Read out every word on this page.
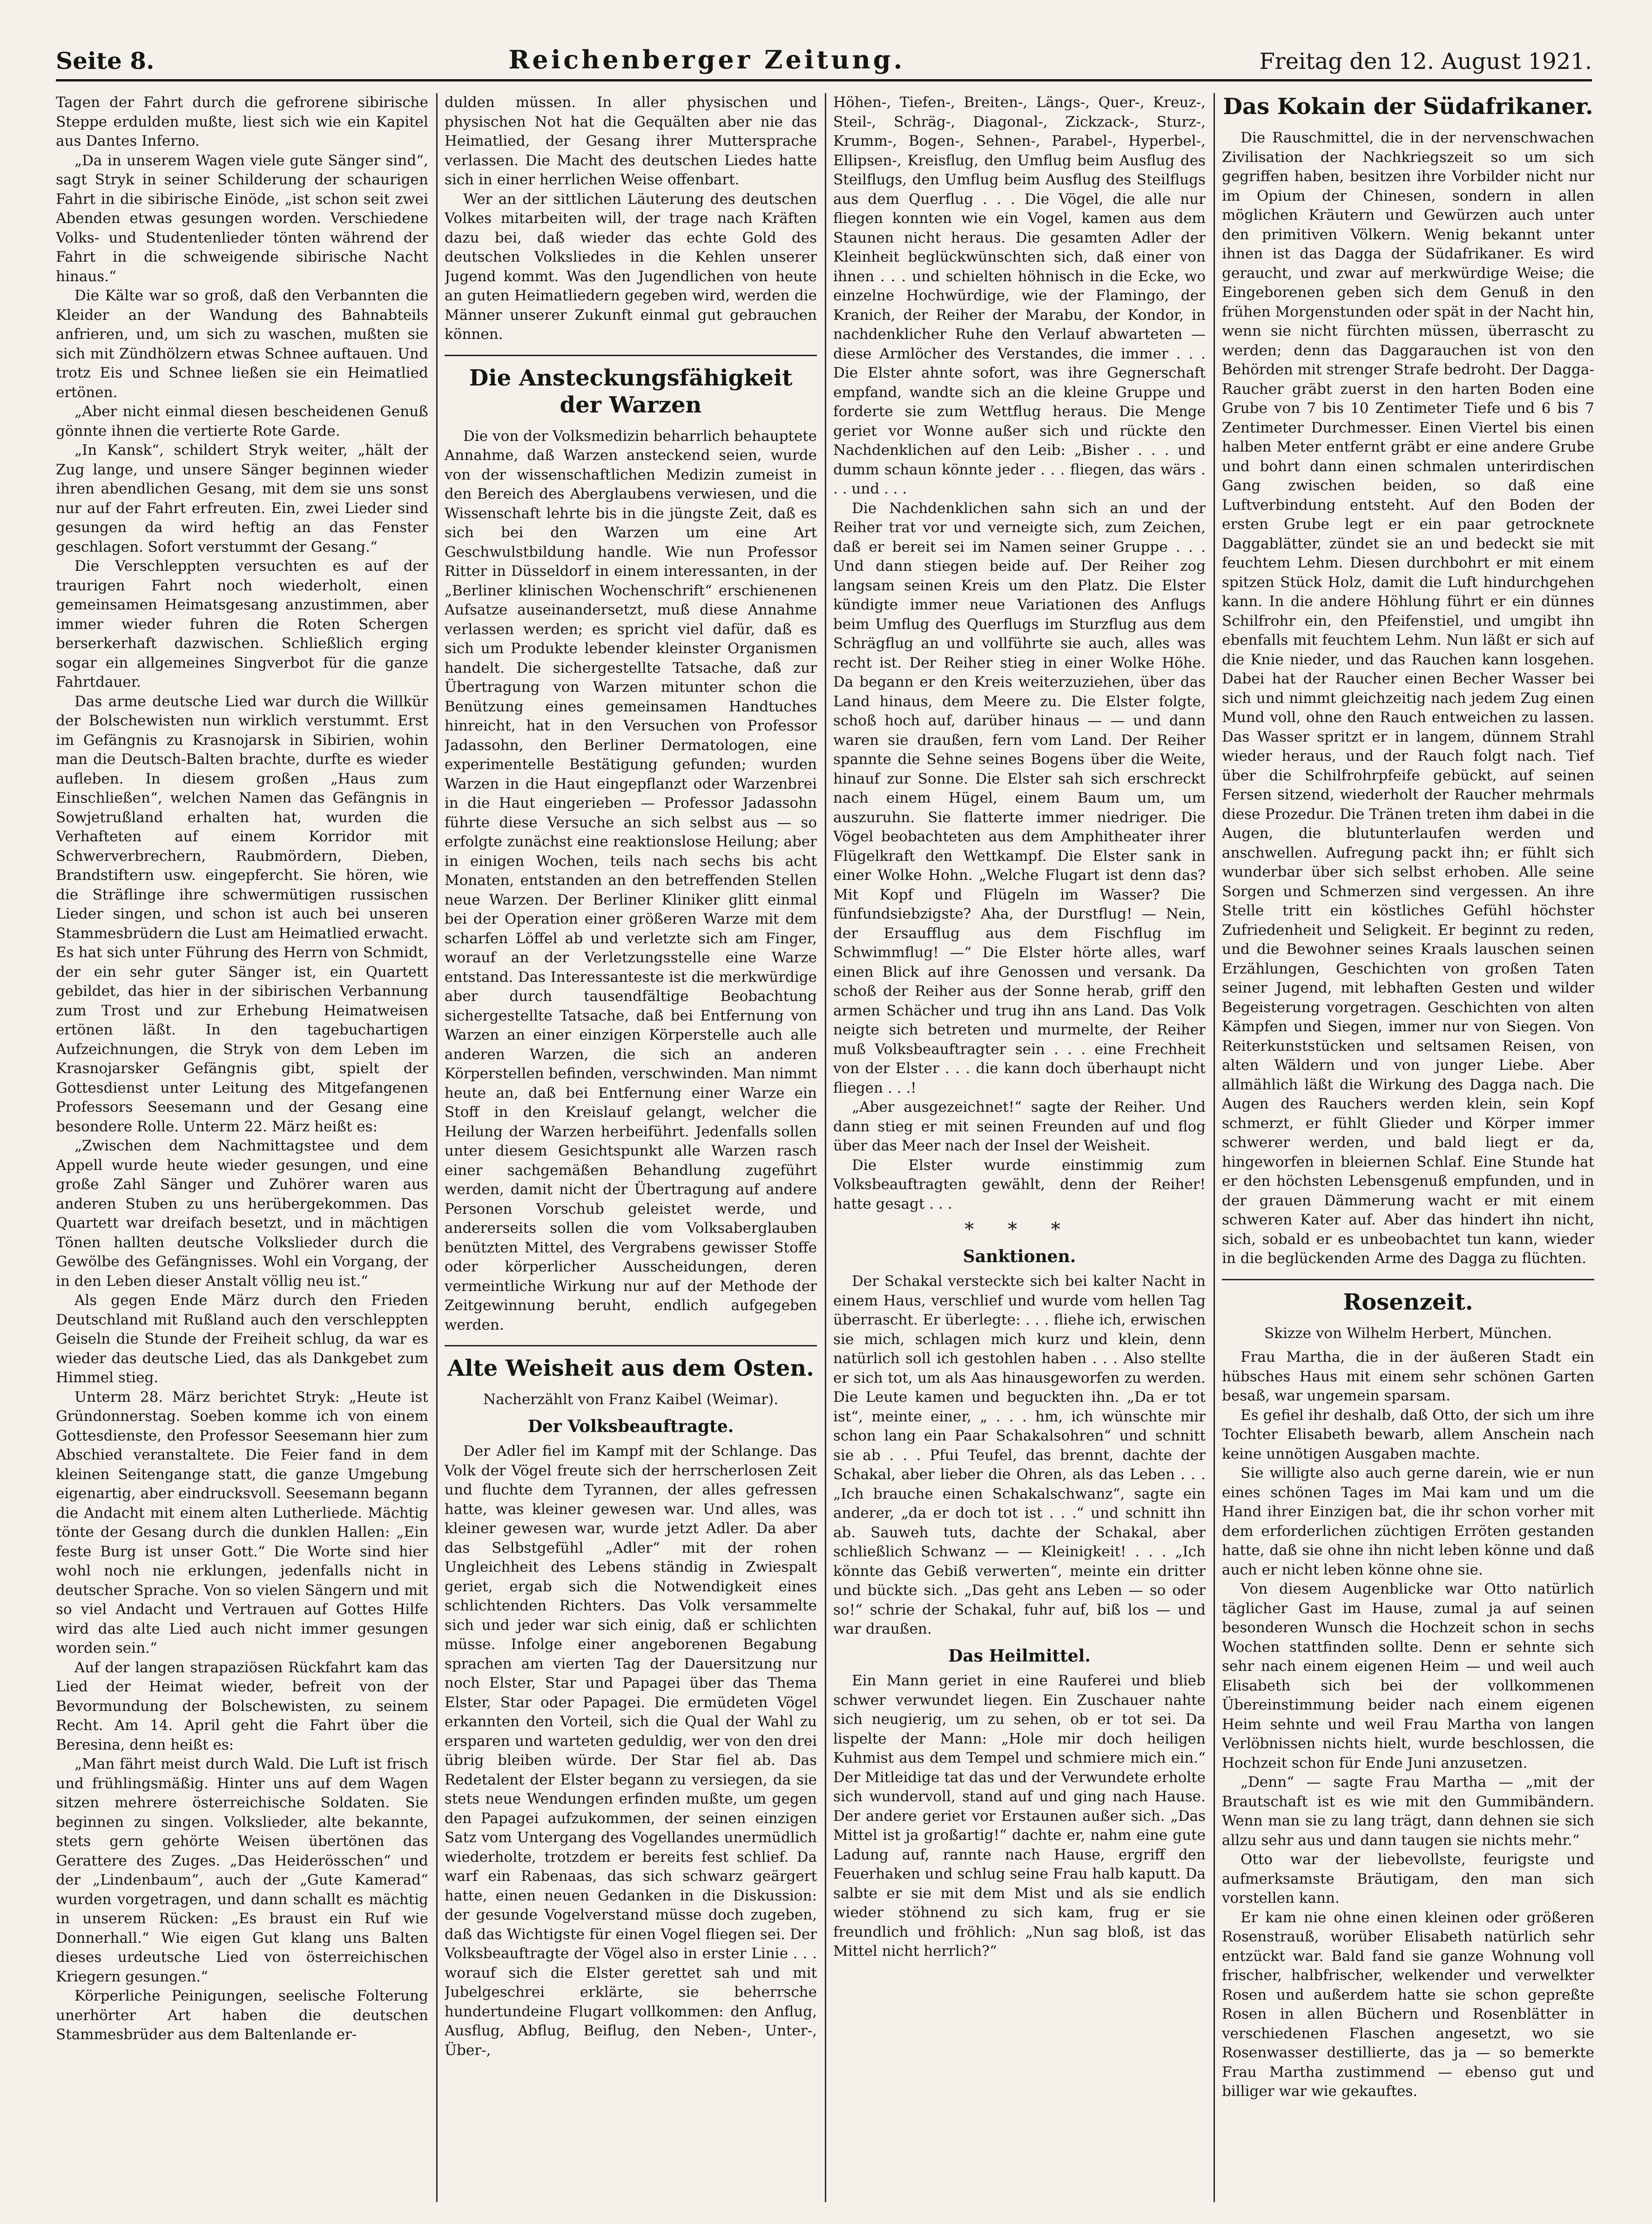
Seite 8.	Reichenberger Zeitung.	Freitag den 12. August 1921.

Tagen der Fahrt durch die gefrorene sibirische Steppe erdulden mußte, liest sich wie ein Kapitel aus Dantes Inferno.

„Da in unserem Wagen viele gute Sänger sind“, sagt Stryk in seiner Schilderung der schaurigen Fahrt in die sibirische Einöde, „ist schon seit zwei Abenden etwas gesungen worden. Verschiedene Volks- und Studentenlieder tönten während der Fahrt in die schweigende sibirische Nacht hinaus.“

Die Kälte war so groß, daß den Verbannten die Kleider an der Wandung des Bahnabteils anfrieren, und, um sich zu waschen, mußten sie sich mit Zündhölzern etwas Schnee auftauen. Und trotz Eis und Schnee ließen sie ein Heimatlied ertönen.

„Aber nicht einmal diesen bescheidenen Genuß gönnte ihnen die vertierte Rote Garde.

„In Kansk“, schildert Stryk weiter, „hält der Zug lange, und unsere Sänger beginnen wieder ihren abendlichen Gesang, mit dem sie uns sonst nur auf der Fahrt erfreuten. Ein, zwei Lieder sind gesungen da wird heftig an das Fenster geschlagen. Sofort verstummt der Gesang.“

Die Verschleppten versuchten es auf der traurigen Fahrt noch wiederholt, einen gemeinsamen Heimatsgesang anzustimmen, aber immer wieder fuhren die Roten Schergen berserkerhaft dazwischen. Schließlich erging sogar ein allgemeines Singverbot für die ganze Fahrtdauer.

Das arme deutsche Lied war durch die Willkür der Bolschewisten nun wirklich verstummt. Erst im Gefängnis zu Krasnojarsk in Sibirien, wohin man die Deutsch-Balten brachte, durfte es wieder aufleben. In diesem großen „Haus zum Einschließen“, welchen Namen das Gefängnis in Sowjetrußland erhalten hat, wurden die Verhafteten auf einem Korridor mit Schwerverbrechern, Raubmördern, Dieben, Brandstiftern usw. eingepfercht. Sie hören, wie die Sträflinge ihre schwermütigen russischen Lieder singen, und schon ist auch bei unseren Stammesbrüdern die Lust am Heimatlied erwacht. Es hat sich unter Führung des Herrn von Schmidt, der ein sehr guter Sänger ist, ein Quartett gebildet, das hier in der sibirischen Verbannung zum Trost und zur Erhebung Heimatweisen ertönen läßt. In den tagebuchartigen Aufzeichnungen, die Stryk von dem Leben im Krasnojarsker Gefängnis gibt, spielt der Gottesdienst unter Leitung des Mitgefangenen Professors Seesemann und der Gesang eine besondere Rolle. Unterm 22. März heißt es:

„Zwischen dem Nachmittagstee und dem Appell wurde heute wieder gesungen, und eine große Zahl Sänger und Zuhörer waren aus anderen Stuben zu uns herübergekommen. Das Quartett war dreifach besetzt, und in mächtigen Tönen hallten deutsche Volkslieder durch die Gewölbe des Gefängnisses. Wohl ein Vorgang, der in den Leben dieser Anstalt völlig neu ist.“

Als gegen Ende März durch den Frieden Deutschland mit Rußland auch den verschleppten Geiseln die Stunde der Freiheit schlug, da war es wieder das deutsche Lied, das als Dankgebet zum Himmel stieg.

Unterm 28. März berichtet Stryk: „Heute ist Gründonnerstag. Soeben komme ich von einem Gottesdienste, den Professor Seesemann hier zum Abschied veranstaltete. Die Feier fand in dem kleinen Seitengange statt, die ganze Umgebung eigenartig, aber eindrucksvoll. Seesemann begann die Andacht mit einem alten Lutherliede. Mächtig tönte der Gesang durch die dunklen Hallen: „Ein feste Burg ist unser Gott.“ Die Worte sind hier wohl noch nie erklungen, jedenfalls nicht in deutscher Sprache. Von so vielen Sängern und mit so viel Andacht und Vertrauen auf Gottes Hilfe wird das alte Lied auch nicht immer gesungen worden sein.“

Auf der langen strapaziösen Rückfahrt kam das Lied der Heimat wieder, befreit von der Bevormundung der Bolschewisten, zu seinem Recht. Am 14. April geht die Fahrt über die Beresina, denn heißt es:

„Man fährt meist durch Wald. Die Luft ist frisch und frühlingsmäßig. Hinter uns auf dem Wagen sitzen mehrere österreichische Soldaten. Sie beginnen zu singen. Volkslieder, alte bekannte, stets gern gehörte Weisen übertönen das Gerattere des Zuges. „Das Heiderösschen“ und der „Lindenbaum“, auch der „Gute Kamerad“ wurden vorgetragen, und dann schallt es mächtig in unserem Rücken: „Es braust ein Ruf wie Donnerhall.“ Wie eigen Gut klang uns Balten dieses urdeutsche Lied von österreichischen Kriegern gesungen.“

Körperliche Peinigungen, seelische Folterung unerhörter Art haben die deutschen Stammesbrüder aus dem Baltenlande er-

dulden müssen. In aller physischen und physischen Not hat die Gequälten aber nie das Heimatlied, der Gesang ihrer Muttersprache verlassen. Die Macht des deutschen Liedes hatte sich in einer herrlichen Weise offenbart.

Wer an der sittlichen Läuterung des deutschen Volkes mitarbeiten will, der trage nach Kräften dazu bei, daß wieder das echte Gold des deutschen Volksliedes in die Kehlen unserer Jugend kommt. Was den Jugendlichen von heute an guten Heimatliedern gegeben wird, werden die Männer unserer Zukunft einmal gut gebrauchen können.

Die Ansteckungsfähigkeit der Warzen

Die von der Volksmedizin beharrlich behauptete Annahme, daß Warzen ansteckend seien, wurde von der wissenschaftlichen Medizin zumeist in den Bereich des Aberglaubens verwiesen, und die Wissenschaft lehrte bis in die jüngste Zeit, daß es sich bei den Warzen um eine Art Geschwulstbildung handle. Wie nun Professor Ritter in Düsseldorf in einem interessanten, in der „Berliner klinischen Wochenschrift“ erschienenen Aufsatze auseinandersetzt, muß diese Annahme verlassen werden; es spricht viel dafür, daß es sich um Produkte lebender kleinster Organismen handelt. Die sichergestellte Tatsache, daß zur Übertragung von Warzen mitunter schon die Benützung eines gemeinsamen Handtuches hinreicht, hat in den Versuchen von Professor Jadassohn, den Berliner Dermatologen, eine experimentelle Bestätigung gefunden; wurden Warzen in die Haut eingepflanzt oder Warzenbrei in die Haut eingerieben — Professor Jadassohn führte diese Versuche an sich selbst aus — so erfolgte zunächst eine reaktionslose Heilung; aber in einigen Wochen, teils nach sechs bis acht Monaten, entstanden an den betreffenden Stellen neue Warzen. Der Berliner Kliniker glitt einmal bei der Operation einer größeren Warze mit dem scharfen Löffel ab und verletzte sich am Finger, worauf an der Verletzungsstelle eine Warze entstand. Das Interessanteste ist die merkwürdige aber durch tausendfältige Beobachtung sichergestellte Tatsache, daß bei Entfernung von Warzen an einer einzigen Körperstelle auch alle anderen Warzen, die sich an anderen Körperstellen befinden, verschwinden. Man nimmt heute an, daß bei Entfernung einer Warze ein Stoff in den Kreislauf gelangt, welcher die Heilung der Warzen herbeiführt. Jedenfalls sollen unter diesem Gesichtspunkt alle Warzen rasch einer sachgemäßen Behandlung zugeführt werden, damit nicht der Übertragung auf andere Personen Vorschub geleistet werde, und andererseits sollen die vom Volksaberglauben benützten Mittel, des Vergrabens gewisser Stoffe oder körperlicher Ausscheidungen, deren vermeintliche Wirkung nur auf der Methode der Zeitgewinnung beruht, endlich aufgegeben werden.

Alte Weisheit aus dem Osten.

Nacherzählt von Franz Kaibel (Weimar).

Der Volksbeauftragte.

Der Adler fiel im Kampf mit der Schlange. Das Volk der Vögel freute sich der herrscherlosen Zeit und fluchte dem Tyrannen, der alles gefressen hatte, was kleiner gewesen war. Und alles, was kleiner gewesen war, wurde jetzt Adler. Da aber das Selbstgefühl „Adler“ mit der rohen Ungleichheit des Lebens ständig in Zwiespalt geriet, ergab sich die Notwendigkeit eines schlichtenden Richters. Das Volk versammelte sich und jeder war sich einig, daß er schlichten müsse. Infolge einer angeborenen Begabung sprachen am vierten Tag der Dauersitzung nur noch Elster, Star und Papagei über das Thema Elster, Star oder Papagei. Die ermüdeten Vögel erkannten den Vorteil, sich die Qual der Wahl zu ersparen und warteten geduldig, wer von den drei übrig bleiben würde. Der Star fiel ab. Das Redetalent der Elster begann zu versiegen, da sie stets neue Wendungen erfinden mußte, um gegen den Papagei aufzukommen, der seinen einzigen Satz vom Untergang des Vogellandes unermüdlich wiederholte, trotzdem er bereits fest schlief. Da warf ein Rabenaas, das sich schwarz geärgert hatte, einen neuen Gedanken in die Diskussion: der gesunde Vogelverstand müsse doch zugeben, daß das Wichtigste für einen Vogel fliegen sei. Der Volksbeauftragte der Vögel also in erster Linie . . . worauf sich die Elster gerettet sah und mit Jubelgeschrei erklärte, sie beherrsche hundertundeine Flugart vollkommen: den Anflug, Ausflug, Abflug, Beiflug, den Neben-, Unter-, Über-,

Höhen-, Tiefen-, Breiten-, Längs-, Quer-, Kreuz-, Steil-, Schräg-, Diagonal-, Zickzack-, Sturz-, Krumm-, Bogen-, Sehnen-, Parabel-, Hyperbel-, Ellipsen-, Kreisflug, den Umflug beim Ausflug des Steilflugs, den Umflug beim Ausflug des Steilflugs aus dem Querflug . . . Die Vögel, die alle nur fliegen konnten wie ein Vogel, kamen aus dem Staunen nicht heraus. Die gesamten Adler der Kleinheit beglückwünschten sich, daß einer von ihnen . . . und schielten höhnisch in die Ecke, wo einzelne Hochwürdige, wie der Flamingo, der Kranich, der Reiher der Marabu, der Kondor, in nachdenklicher Ruhe den Verlauf abwarteten — diese Armlöcher des Verstandes, die immer . . . Die Elster ahnte sofort, was ihre Gegnerschaft empfand, wandte sich an die kleine Gruppe und forderte sie zum Wettflug heraus. Die Menge geriet vor Wonne außer sich und rückte den Nachdenklichen auf den Leib: „Bisher . . . und dumm schaun könnte jeder . . . fliegen, das wärs . . . und . . .

Die Nachdenklichen sahn sich an und der Reiher trat vor und verneigte sich, zum Zeichen, daß er bereit sei im Namen seiner Gruppe . . . Und dann stiegen beide auf. Der Reiher zog langsam seinen Kreis um den Platz. Die Elster kündigte immer neue Variationen des Anflugs beim Umflug des Querflugs im Sturzflug aus dem Schrägflug an und vollführte sie auch, alles was recht ist. Der Reiher stieg in einer Wolke Höhe. Da begann er den Kreis weiterzuziehen, über das Land hinaus, dem Meere zu. Die Elster folgte, schoß hoch auf, darüber hinaus — — und dann waren sie draußen, fern vom Land. Der Reiher spannte die Sehne seines Bogens über die Weite, hinauf zur Sonne. Die Elster sah sich erschreckt nach einem Hügel, einem Baum um, um auszuruhn. Sie flatterte immer niedriger. Die Vögel beobachteten aus dem Amphitheater ihrer Flügelkraft den Wettkampf. Die Elster sank in einer Wolke Hohn. „Welche Flugart ist denn das? Mit Kopf und Flügeln im Wasser? Die fünfundsiebzigste? Aha, der Durstflug! — Nein, der Ersaufflug aus dem Fischflug im Schwimmflug! —“ Die Elster hörte alles, warf einen Blick auf ihre Genossen und versank. Da schoß der Reiher aus der Sonne herab, griff den armen Schächer und trug ihn ans Land. Das Volk neigte sich betreten und murmelte, der Reiher muß Volksbeauftragter sein . . . eine Frechheit von der Elster . . . die kann doch überhaupt nicht fliegen . . .!

„Aber ausgezeichnet!“ sagte der Reiher. Und dann stieg er mit seinen Freunden auf und flog über das Meer nach der Insel der Weisheit.

Die Elster wurde einstimmig zum Volksbeauftragten gewählt, denn der Reiher! hatte gesagt . . .

* * *
Sanktionen.

Der Schakal versteckte sich bei kalter Nacht in einem Haus, verschlief und wurde vom hellen Tag überrascht. Er überlegte: . . . fliehe ich, erwischen sie mich, schlagen mich kurz und klein, denn natürlich soll ich gestohlen haben . . . Also stellte er sich tot, um als Aas hinausgeworfen zu werden. Die Leute kamen und beguckten ihn. „Da er tot ist“, meinte einer, „ . . . hm, ich wünschte mir schon lang ein Paar Schakalsohren“ und schnitt sie ab . . . Pfui Teufel, das brennt, dachte der Schakal, aber lieber die Ohren, als das Leben . . . „Ich brauche einen Schakalschwanz“, sagte ein anderer, „da er doch tot ist . . .“ und schnitt ihn ab. Sauweh tuts, dachte der Schakal, aber schließlich Schwanz — — Kleinigkeit! . . . „Ich könnte das Gebiß verwerten“, meinte ein dritter und bückte sich. „Das geht ans Leben — so oder so!“ schrie der Schakal, fuhr auf, biß los — und war draußen.

Das Heilmittel.

Ein Mann geriet in eine Rauferei und blieb schwer verwundet liegen. Ein Zuschauer nahte sich neugierig, um zu sehen, ob er tot sei. Da lispelte der Mann: „Hole mir doch heiligen Kuhmist aus dem Tempel und schmiere mich ein.“ Der Mitleidige tat das und der Verwundete erholte sich wundervoll, stand auf und ging nach Hause. Der andere geriet vor Erstaunen außer sich. „Das Mittel ist ja großartig!“ dachte er, nahm eine gute Ladung auf, rannte nach Hause, ergriff den Feuerhaken und schlug seine Frau halb kaputt. Da salbte er sie mit dem Mist und als sie endlich wieder stöhnend zu sich kam, frug er sie freundlich und fröhlich: „Nun sag bloß, ist das Mittel nicht herrlich?“

Das Kokain der Südafrikaner.

Die Rauschmittel, die in der nervenschwachen Zivilisation der Nachkriegszeit so um sich gegriffen haben, besitzen ihre Vorbilder nicht nur im Opium der Chinesen, sondern in allen möglichen Kräutern und Gewürzen auch unter den primitiven Völkern. Wenig bekannt unter ihnen ist das Dagga der Südafrikaner. Es wird geraucht, und zwar auf merkwürdige Weise; die Eingeborenen geben sich dem Genuß in den frühen Morgenstunden oder spät in der Nacht hin, wenn sie nicht fürchten müssen, überrascht zu werden; denn das Daggarauchen ist von den Behörden mit strenger Strafe bedroht. Der Dagga-Raucher gräbt zuerst in den harten Boden eine Grube von 7 bis 10 Zentimeter Tiefe und 6 bis 7 Zentimeter Durchmesser. Einen Viertel bis einen halben Meter entfernt gräbt er eine andere Grube und bohrt dann einen schmalen unterirdischen Gang zwischen beiden, so daß eine Luftverbindung entsteht. Auf den Boden der ersten Grube legt er ein paar getrocknete Daggablätter, zündet sie an und bedeckt sie mit feuchtem Lehm. Diesen durchbohrt er mit einem spitzen Stück Holz, damit die Luft hindurchgehen kann. In die andere Höhlung führt er ein dünnes Schilfrohr ein, den Pfeifenstiel, und umgibt ihn ebenfalls mit feuchtem Lehm. Nun läßt er sich auf die Knie nieder, und das Rauchen kann losgehen. Dabei hat der Raucher einen Becher Wasser bei sich und nimmt gleichzeitig nach jedem Zug einen Mund voll, ohne den Rauch entweichen zu lassen. Das Wasser spritzt er in langem, dünnem Strahl wieder heraus, und der Rauch folgt nach. Tief über die Schilfrohrpfeife gebückt, auf seinen Fersen sitzend, wiederholt der Raucher mehrmals diese Prozedur. Die Tränen treten ihm dabei in die Augen, die blutunterlaufen werden und anschwellen. Aufregung packt ihn; er fühlt sich wunderbar über sich selbst erhoben. Alle seine Sorgen und Schmerzen sind vergessen. An ihre Stelle tritt ein köstliches Gefühl höchster Zufriedenheit und Seligkeit. Er beginnt zu reden, und die Bewohner seines Kraals lauschen seinen Erzählungen, Geschichten von großen Taten seiner Jugend, mit lebhaften Gesten und wilder Begeisterung vorgetragen. Geschichten von alten Kämpfen und Siegen, immer nur von Siegen. Von Reiterkunststücken und seltsamen Reisen, von alten Wäldern und von junger Liebe. Aber allmählich läßt die Wirkung des Dagga nach. Die Augen des Rauchers werden klein, sein Kopf schmerzt, er fühlt Glieder und Körper immer schwerer werden, und bald liegt er da, hingeworfen in bleiernen Schlaf. Eine Stunde hat er den höchsten Lebensgenuß empfunden, und in der grauen Dämmerung wacht er mit einem schweren Kater auf. Aber das hindert ihn nicht, sich, sobald er es unbeobachtet tun kann, wieder in die beglückenden Arme des Dagga zu flüchten.

Rosenzeit.

Skizze von Wilhelm Herbert, München.

Frau Martha, die in der äußeren Stadt ein hübsches Haus mit einem sehr schönen Garten besaß, war ungemein sparsam.

Es gefiel ihr deshalb, daß Otto, der sich um ihre Tochter Elisabeth bewarb, allem Anschein nach keine unnötigen Ausgaben machte.

Sie willigte also auch gerne darein, wie er nun eines schönen Tages im Mai kam und um die Hand ihrer Einzigen bat, die ihr schon vorher mit dem erforderlichen züchtigen Erröten gestanden hatte, daß sie ohne ihn nicht leben könne und daß auch er nicht leben könne ohne sie.

Von diesem Augenblicke war Otto natürlich täglicher Gast im Hause, zumal ja auf seinen besonderen Wunsch die Hochzeit schon in sechs Wochen stattfinden sollte. Denn er sehnte sich sehr nach einem eigenen Heim — und weil auch Elisabeth sich bei der vollkommenen Übereinstimmung beider nach einem eigenen Heim sehnte und weil Frau Martha von langen Verlöbnissen nichts hielt, wurde beschlossen, die Hochzeit schon für Ende Juni anzusetzen.

„Denn“ — sagte Frau Martha — „mit der Brautschaft ist es wie mit den Gummibändern. Wenn man sie zu lang trägt, dann dehnen sie sich allzu sehr aus und dann taugen sie nichts mehr.“

Otto war der liebevollste, feurigste und aufmerksamste Bräutigam, den man sich vorstellen kann.

Er kam nie ohne einen kleinen oder größeren Rosenstrauß, worüber Elisabeth natürlich sehr entzückt war. Bald fand sie ganze Wohnung voll frischer, halbfrischer, welkender und verwelkter Rosen und außerdem hatte sie schon gepreßte Rosen in allen Büchern und Rosenblätter in verschiedenen Flaschen angesetzt, wo sie Rosenwasser destillierte, das ja — so bemerkte Frau Martha zustimmend — ebenso gut und billiger war wie gekauftes.
